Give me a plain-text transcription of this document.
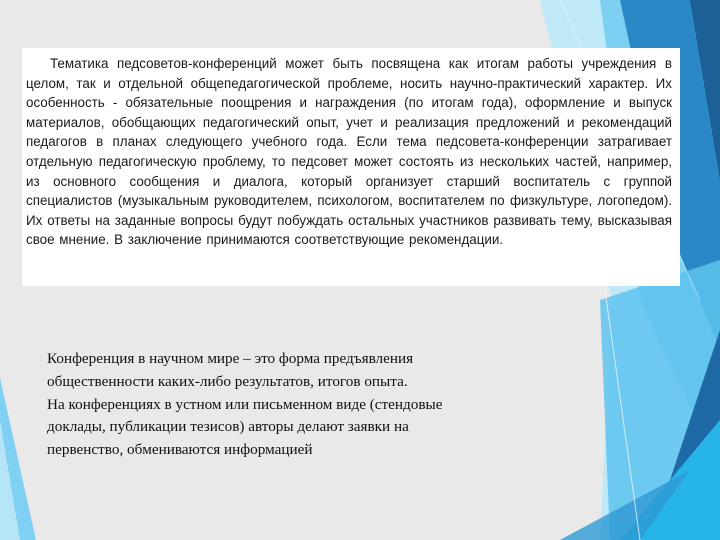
Тематика педсоветов-конференций может быть посвящена как итогам работы учреждения в целом, так и отдельной общепедагогической проблеме, носить научно-практический характер. Их особенность - обязательные поощрения и награждения (по итогам года), оформление и выпуск материалов, обобщающих педагогический опыт, учет и реализация предложений и рекомендаций педагогов в планах следующего учебного года. Если тема педсовета-конференции затрагивает отдельную педагогическую проблему, то педсовет может состоять из нескольких частей, например, из основного сообщения и диалога, который организует старший воспитатель с группой специалистов (музыкальным руководителем, психологом, воспитателем по физкультуре, логопедом). Их ответы на заданные вопросы будут побуждать остальных участников развивать тему, высказывая свое мнение. В заключение принимаются соответствующие рекомендации.

Конференция в научном мире – это форма предъявления
общественности каких-либо результатов, итогов опыта.
На конференциях в устном или письменном виде (стендовые
доклады, публикации тезисов) авторы делают заявки на
первенство, обмениваются информацией
